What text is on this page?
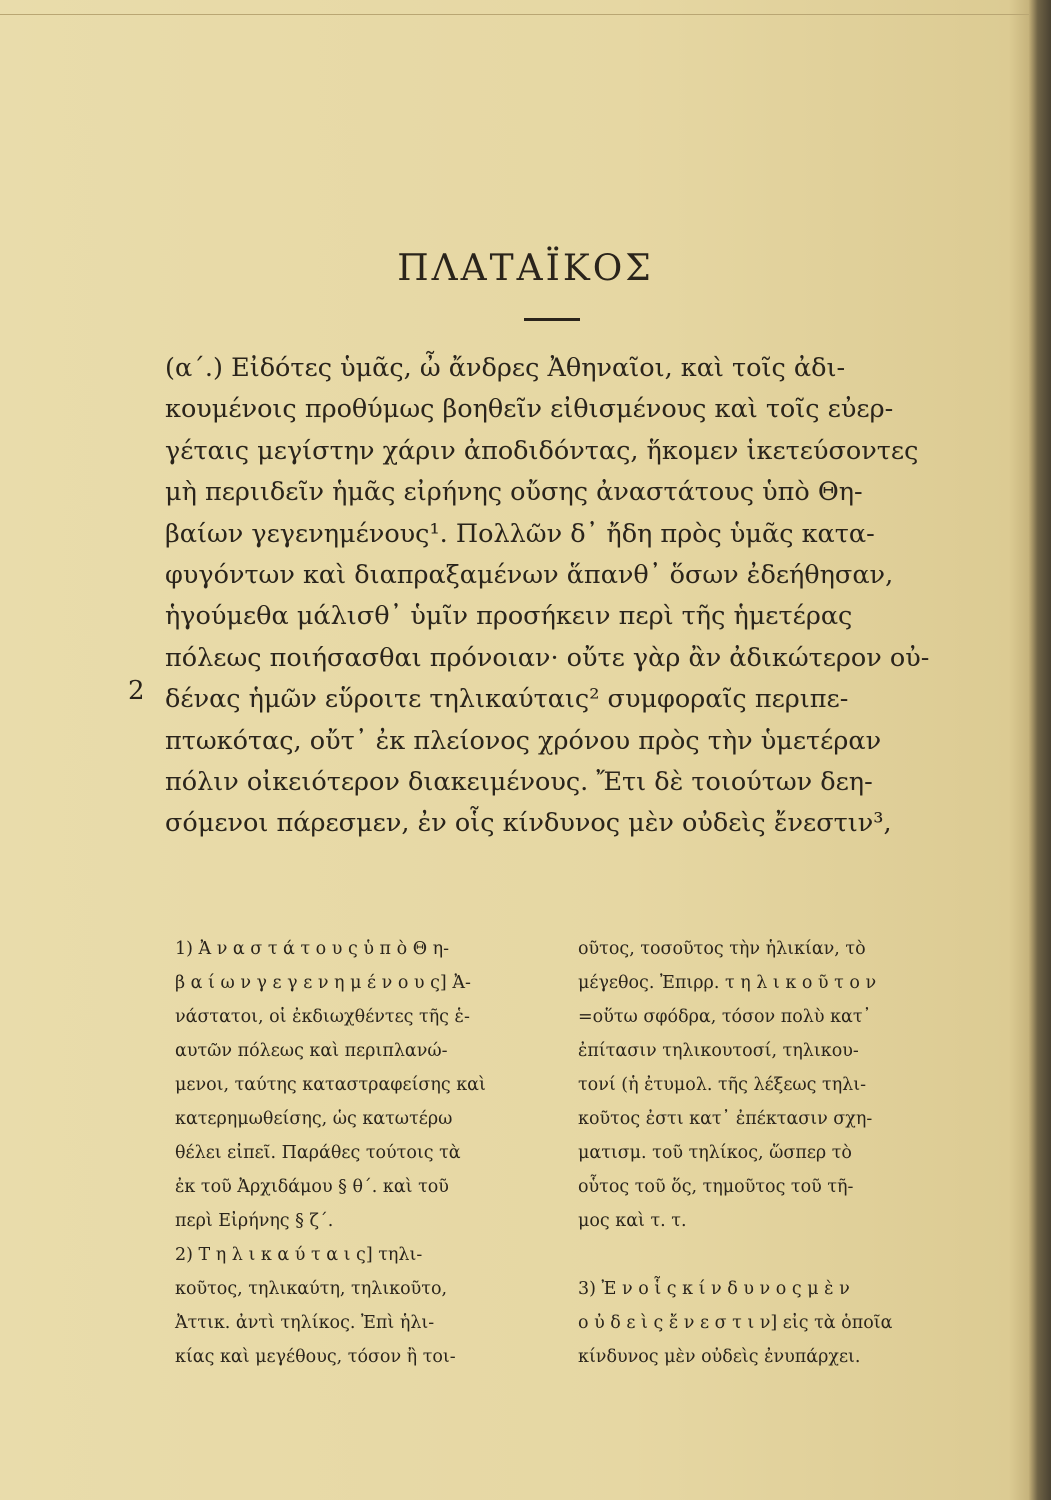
ΠΛΑΤΑΪΚΟΣ
2

(α΄.) Εἰδότες ὑμᾶς, ὦ ἄνδρες Ἀθηναῖοι, καὶ τοῖς ἀδι-
κουμένοις προθύμως βοηθεῖν εἰθισμένους καὶ τοῖς εὐερ-
γέταις μεγίστην χάριν ἀποδιδόντας, ἥκομεν ἱκετεύσοντες
μὴ περιιδεῖν ἡμᾶς εἰρήνης οὔσης ἀναστάτους ὑπὸ Θη-
βαίων γεγενημένους¹. Πολλῶν δ᾽ ἤδη πρὸς ὑμᾶς κατα-
φυγόντων καὶ διαπραξαμένων ἅπανθ᾽ ὅσων ἐδεήθησαν,
ἡγούμεθα μάλισθ᾽ ὑμῖν προσήκειν περὶ τῆς ἡμετέρας
πόλεως ποιήσασθαι πρόνοιαν· οὔτε γὰρ ἂν ἀδικώτερον οὐ-
δένας ἡμῶν εὕροιτε τηλικαύταις² συμφοραῖς περιπε-
πτωκότας, οὔτ᾽ ἐκ πλείονος χρόνου πρὸς τὴν ὑμετέραν
πόλιν οἰκειότερον διακειμένους. Ἔτι δὲ τοιούτων δεη-
σόμενοι πάρεσμεν, ἐν οἷς κίνδυνος μὲν οὐδεὶς ἔνεστιν³,

1) Ἀ ν α σ τ ά τ ο υ ς ὑ π ὸ Θ η-
β α ί ω ν γ ε γ ε ν η μ έ ν ο υ ς] Ἀ-
νάστατοι, οἱ ἐκδιωχθέντες τῆς ἑ-
αυτῶν πόλεως καὶ περιπλανώ-
μενοι, ταύτης καταστραφείσης καὶ
κατερημωθείσης, ὡς κατωτέρω
θέλει εἰπεῖ. Παράθες τούτοις τὰ
ἐκ τοῦ Ἀρχιδάμου § θ΄. καὶ τοῦ
περὶ Εἰρήνης § ζ΄.
2) Τ η λ ι κ α ύ τ α ι ς] τηλι-
κοῦτος, τηλικαύτη, τηλικοῦτο,
Ἀττικ. ἀντὶ τηλίκος. Ἐπὶ ἡλι-
κίας καὶ μεγέθους, τόσον ἢ τοι-
οῦτος, τοσοῦτος τὴν ἡλικίαν, τὸ
μέγεθος. Ἐπιρρ. τ η λ ι κ ο ῦ τ ο ν
=οὕτω σφόδρα, τόσον πολὺ κατ᾽
ἐπίτασιν τηλικουτοσί, τηλικου-
τονί (ἡ ἐτυμολ. τῆς λέξεως τηλι-
κοῦτος ἐστι κατ᾽ ἐπέκτασιν σχη-
ματισμ. τοῦ τηλίκος, ὥσπερ τὸ
οὗτος τοῦ ὅς, τημοῦτος τοῦ τῆ-
μος καὶ τ. τ.

3) Ἐ ν ο ἷ ς κ ί ν δ υ ν ο ς μ ὲ ν
ο ὐ δ ε ὶ ς ἔ ν ε σ τ ι ν] εἰς τὰ ὁποῖα
κίνδυνος μὲν οὐδεὶς ἐνυπάρχει.
